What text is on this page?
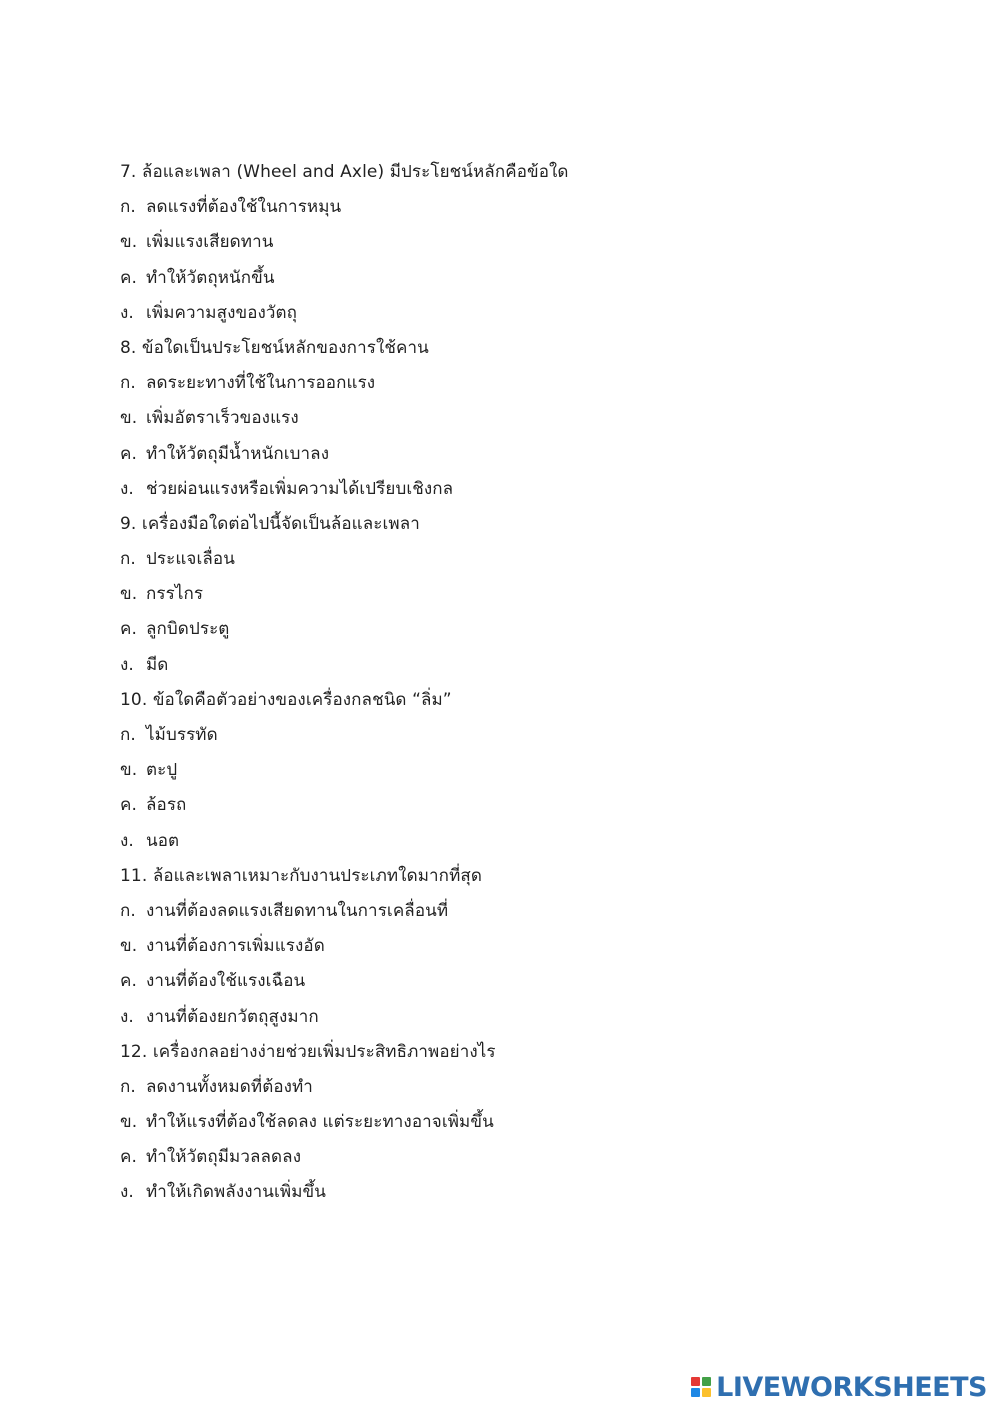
7. ล้อและเพลา (Wheel and Axle) มีประโยชน์หลักคือข้อใด
ก. ลดแรงที่ต้องใช้ในการหมุน
ข. เพิ่มแรงเสียดทาน
ค. ทำให้วัตถุหนักขึ้น
ง. เพิ่มความสูงของวัตถุ
8. ข้อใดเป็นประโยชน์หลักของการใช้คาน
ก. ลดระยะทางที่ใช้ในการออกแรง
ข. เพิ่มอัตราเร็วของแรง
ค. ทำให้วัตถุมีน้ำหนักเบาลง
ง. ช่วยผ่อนแรงหรือเพิ่มความได้เปรียบเชิงกล
9. เครื่องมือใดต่อไปนี้จัดเป็นล้อและเพลา
ก. ประแจเลื่อน
ข. กรรไกร
ค. ลูกบิดประตู
ง. มีด
10. ข้อใดคือตัวอย่างของเครื่องกลชนิด “ลิ่ม”
ก. ไม้บรรทัด
ข. ตะปู
ค. ล้อรถ
ง. นอต
11. ล้อและเพลาเหมาะกับงานประเภทใดมากที่สุด
ก. งานที่ต้องลดแรงเสียดทานในการเคลื่อนที่
ข. งานที่ต้องการเพิ่มแรงอัด
ค. งานที่ต้องใช้แรงเฉือน
ง. งานที่ต้องยกวัตถุสูงมาก
12. เครื่องกลอย่างง่ายช่วยเพิ่มประสิทธิภาพอย่างไร
ก. ลดงานทั้งหมดที่ต้องทำ
ข. ทำให้แรงที่ต้องใช้ลดลง แต่ระยะทางอาจเพิ่มขึ้น
ค. ทำให้วัตถุมีมวลลดลง
ง. ทำให้เกิดพลังงานเพิ่มขึ้น
LIVEWORKSHEETS
